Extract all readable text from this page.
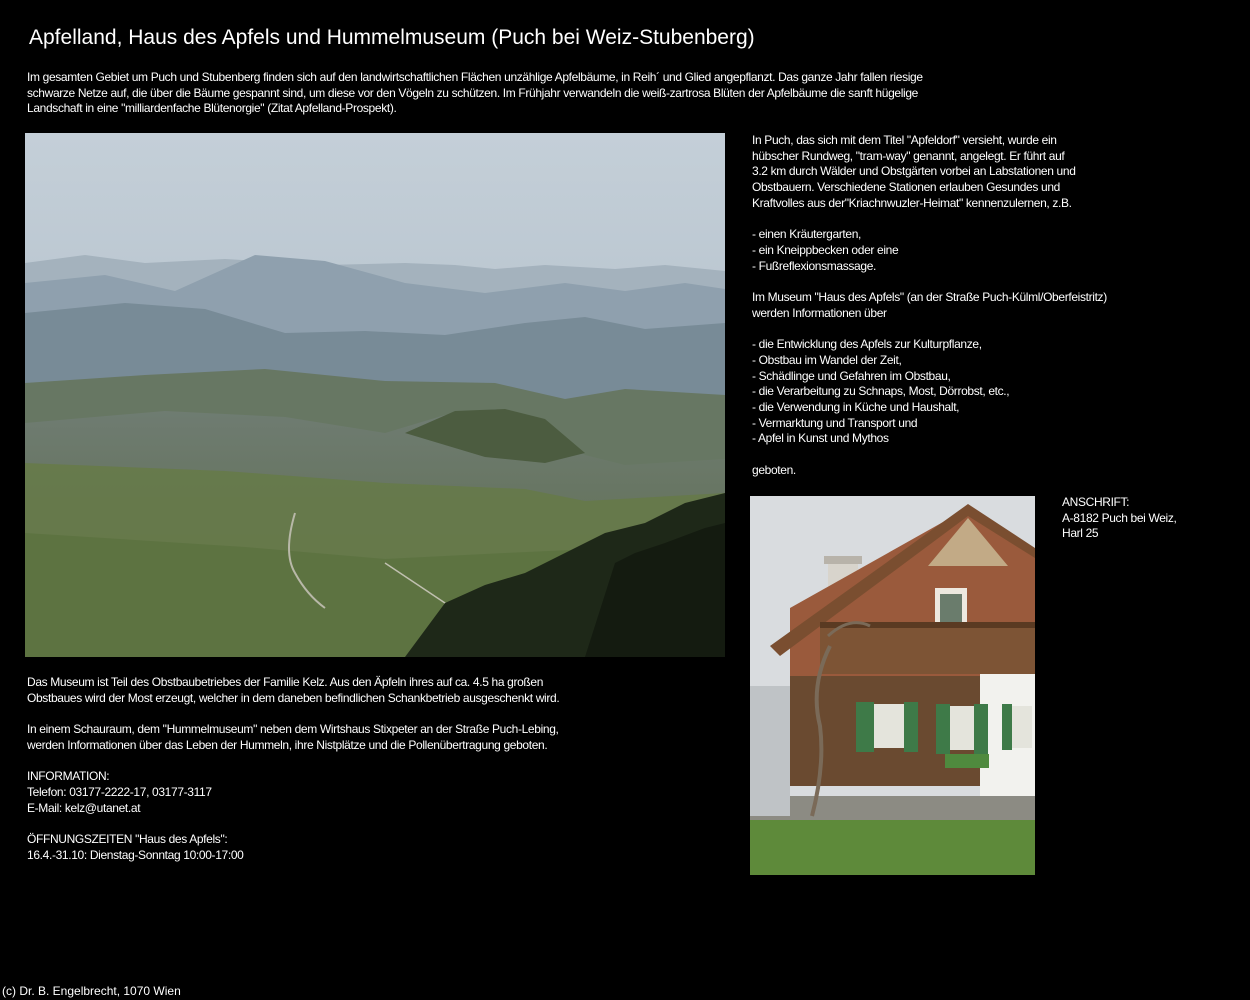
Apfelland, Haus des Apfels und Hummelmuseum (Puch bei Weiz-Stubenberg)

Im gesamten Gebiet um Puch und Stubenberg finden sich auf den landwirtschaftlichen Flächen unzählige Apfelbäume, in Reih´ und Glied angepflanzt. Das ganze Jahr fallen riesige

schwarze Netze auf, die über die Bäume gespannt sind, um diese vor den Vögeln zu schützen. Im Frühjahr verwandeln die weiß-zartrosa Blüten der Apfelbäume die sanft hügelige

Landschaft in eine "milliardenfache Blütenorgie" (Zitat Apfelland-Prospekt).

In Puch, das sich mit dem Titel "Apfeldorf" versieht, wurde ein

hübscher Rundweg, "tram-way" genannt, angelegt. Er führt auf

3.2 km durch Wälder und Obstgärten vorbei an Labstationen und

Obstbauern. Verschiedene Stationen erlauben Gesundes und

Kraftvolles aus der"Kriachnwuzler-Heimat" kennenzulernen, z.B.

- einen Kräutergarten,

- ein Kneippbecken oder eine

- Fußreflexionsmassage.

Im Museum "Haus des Apfels" (an der Straße Puch-Külml/Oberfeistritz)

werden Informationen über

- die Entwicklung des Apfels zur Kulturpflanze,

- Obstbau im Wandel der Zeit,

- Schädlinge und Gefahren im Obstbau,

- die Verarbeitung zu Schnaps, Most, Dörrobst, etc.,

- die Verwendung in Küche und Haushalt,

- Vermarktung und Transport und

- Apfel in Kunst und Mythos

geboten.

ANSCHRIFT:

A-8182 Puch bei Weiz,

Harl 25

Das Museum ist Teil des Obstbaubetriebes der Familie Kelz. Aus den Äpfeln ihres auf ca. 4.5 ha großen

Obstbaues wird der Most erzeugt, welcher in dem daneben befindlichen Schankbetrieb ausgeschenkt wird.

In einem Schauraum, dem "Hummelmuseum" neben dem Wirtshaus Stixpeter an der Straße Puch-Lebing,

werden Informationen über das Leben der Hummeln, ihre Nistplätze und die Pollenübertragung geboten.

INFORMATION:

Telefon: 03177-2222-17, 03177-3117

E-Mail: kelz@utanet.at

ÖFFNUNGSZEITEN "Haus des Apfels":

16.4.-31.10: Dienstag-Sonntag 10:00-17:00

(c) Dr. B. Engelbrecht, 1070 Wien
